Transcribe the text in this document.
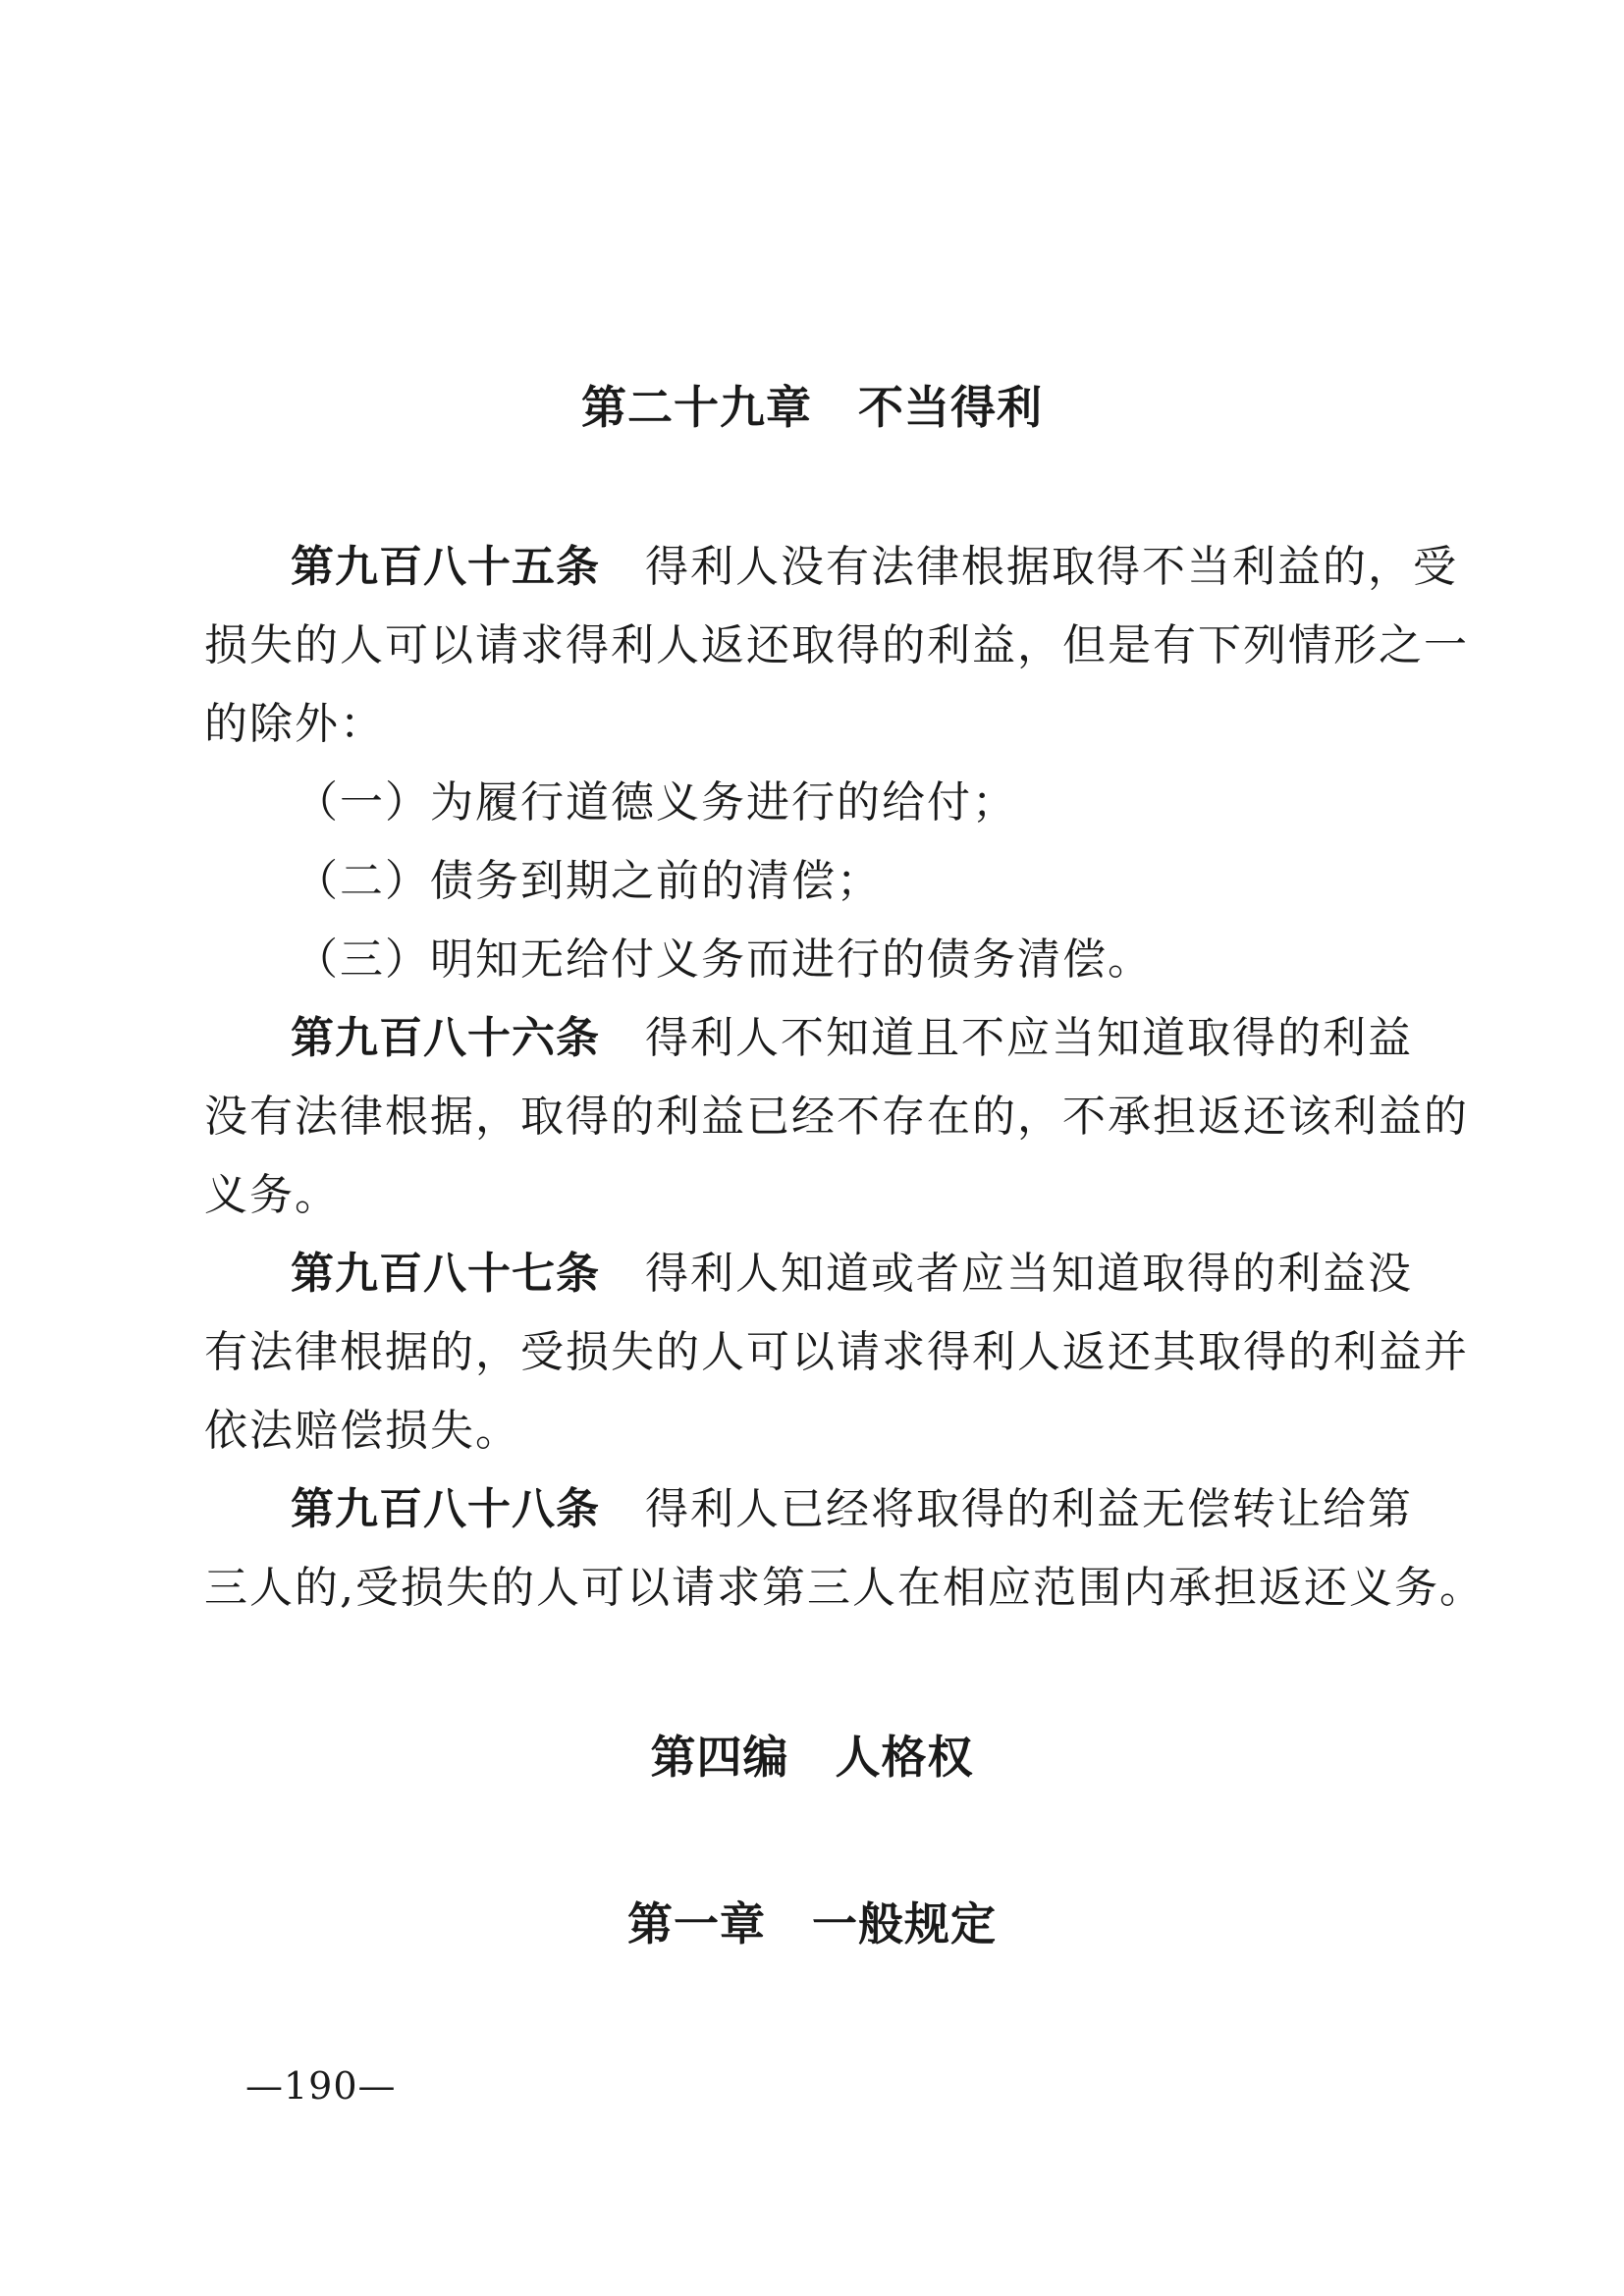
第二十九章　不当得利
第九百八十五条 得利人没有法律根据取得不当利益的，受
损失的人可以请求得利人返还取得的利益，但是有下列情形之一
的除外：
（一）为履行道德义务进行的给付；
（二）债务到期之前的清偿；
（三）明知无给付义务而进行的债务清偿。
第九百八十六条 得利人不知道且不应当知道取得的利益
没有法律根据，取得的利益已经不存在的，不承担返还该利益的
义务。
第九百八十七条 得利人知道或者应当知道取得的利益没
有法律根据的，受损失的人可以请求得利人返还其取得的利益并
依法赔偿损失。
第九百八十八条 得利人已经将取得的利益无偿转让给第
三人的,受损失的人可以请求第三人在相应范围内承担返还义务。
第四编　人格权
第一章　一般规定
—190—
